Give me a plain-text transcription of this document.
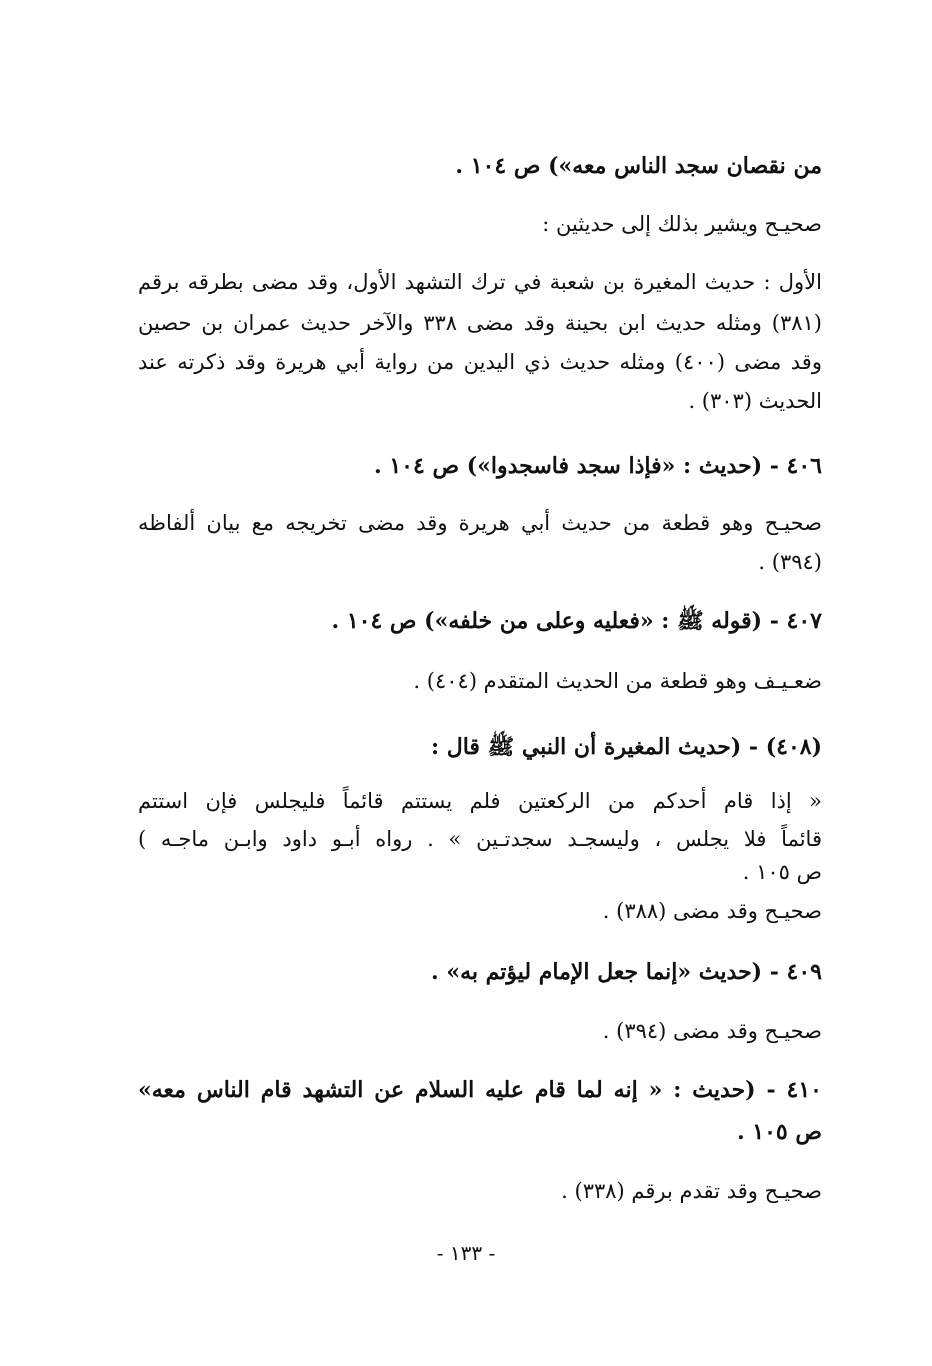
من نقصان سجد الناس معه») ص ١٠٤ .

صحيـح ويشير بذلك إلى حديثين :

الأول : حديث المغيرة بن شعبة في ترك التشهد الأول، وقد مضى بطرقه برقم

(٣٨١) ومثله حديث ابن بحينة وقد مضى ٣٣٨ والآخر حديث عمران بن حصين

وقد مضى (٤٠٠) ومثله حديث ذي اليدين من رواية أبي هريرة وقد ذكرته عند

الحديث (٣٠٣) .

٤٠٦ - (حديث : «فإذا سجد فاسجدوا») ص ١٠٤ .

صحيـح وهو قطعة من حديث أبي هريرة وقد مضى تخريجه مع بيان ألفاظه

(٣٩٤) .

٤٠٧ - (قوله ﷺ : «فعليه وعلى من خلفه») ص ١٠٤ .

ضعـيـف وهو قطعة من الحديث المتقدم (٤٠٤) .

(٤٠٨) - (حديث المغيرة أن النبي ﷺ قال :

« إذا قام أحدكم من الركعتين فلم يستتم قائماً فليجلس فإن استتم

قائماً فلا يجلس ، وليسجـد سجدتـين » . رواه أبـو داود وابـن ماجـه )

ص ١٠٥ .

صحيـح وقد مضى (٣٨٨) .

٤٠٩ - (حديث «إنما جعل الإمام ليؤتم به» .

صحيـح وقد مضى (٣٩٤) .

٤١٠ - (حديث : « إنه لما قام عليه السلام عن التشهد قام الناس معه»

ص ١٠٥ .

صحيـح وقد تقدم برقم (٣٣٨) .

- ١٣٣ -
